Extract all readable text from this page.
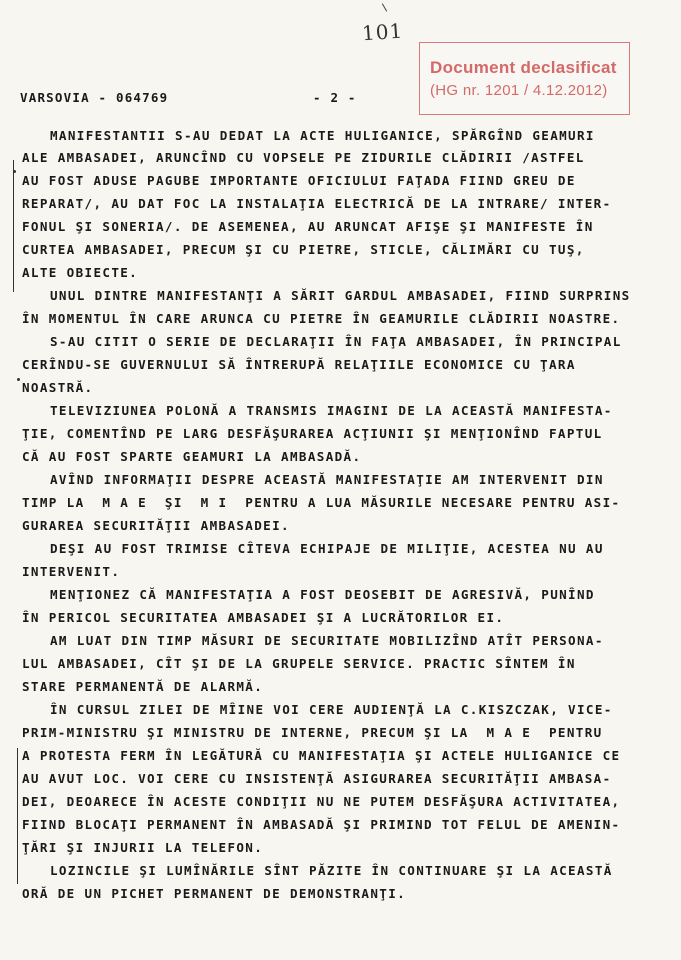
101
VARSOVIA - 064769	- 2 -
Document declasificat
(HG nr. 1201 / 4.12.2012)
MANIFESTANTII S-AU DEDAT LA ACTE HULIGANICE, SPĂRGÎND GEAMURI
ALE AMBASADEI, ARUNCÎND CU VOPSELE PE ZIDURILE CLĂDIRII /ASTFEL
AU FOST ADUSE PAGUBE IMPORTANTE OFICIULUI FAŢADA FIIND GREU DE
REPARAT/, AU DAT FOC LA INSTALAŢIA ELECTRICĂ DE LA INTRARE/ INTER-
FONUL ŞI SONERIA/. DE ASEMENEA, AU ARUNCAT AFIŞE ŞI MANIFESTE ÎN
CURTEA AMBASADEI, PRECUM ŞI CU PIETRE, STICLE, CĂLIMĂRI CU TUŞ,
ALTE OBIECTE.
UNUL DINTRE MANIFESTANŢI A SĂRIT GARDUL AMBASADEI, FIIND SURPRINS
ÎN MOMENTUL ÎN CARE ARUNCA CU PIETRE ÎN GEAMURILE CLĂDIRII NOASTRE.
S-AU CITIT O SERIE DE DECLARAŢII ÎN FAŢA AMBASADEI, ÎN PRINCIPAL
CERÎNDU-SE GUVERNULUI SĂ ÎNTRERUPĂ RELAŢIILE ECONOMICE CU ŢARA
NOASTRĂ.
TELEVIZIUNEA POLONĂ A TRANSMIS IMAGINI DE LA ACEASTĂ MANIFESTA-
ŢIE, COMENTÎND PE LARG DESFĂŞURAREA ACŢIUNII ŞI MENŢIONÎND FAPTUL
CĂ AU FOST SPARTE GEAMURI LA AMBASADĂ.
AVÎND INFORMAŢII DESPRE ACEASTĂ MANIFESTAŢIE AM INTERVENIT DIN
TIMP LA  M A E  ŞI  M I  PENTRU A LUA MĂSURILE NECESARE PENTRU ASI-
GURAREA SECURITĂŢII AMBASADEI.
DEŞI AU FOST TRIMISE CÎTEVA ECHIPAJE DE MILIŢIE, ACESTEA NU AU
INTERVENIT.
MENŢIONEZ CĂ MANIFESTAŢIA A FOST DEOSEBIT DE AGRESIVĂ, PUNÎND
ÎN PERICOL SECURITATEA AMBASADEI ŞI A LUCRĂTORILOR EI.
AM LUAT DIN TIMP MĂSURI DE SECURITATE MOBILIZÎND ATÎT PERSONA-
LUL AMBASADEI, CÎT ŞI DE LA GRUPELE SERVICE. PRACTIC SÎNTEM ÎN
STARE PERMANENTĂ DE ALARMĂ.
ÎN CURSUL ZILEI DE MÎINE VOI CERE AUDIENŢĂ LA C.KISZCZAK, VICE-
PRIM-MINISTRU ŞI MINISTRU DE INTERNE, PRECUM ŞI LA  M A E  PENTRU
A PROTESTA FERM ÎN LEGĂTURĂ CU MANIFESTAŢIA ŞI ACTELE HULIGANICE CE
AU AVUT LOC. VOI CERE CU INSISTENŢĂ ASIGURAREA SECURITĂŢII AMBASA-
DEI, DEOARECE ÎN ACESTE CONDIŢII NU NE PUTEM DESFĂŞURA ACTIVITATEA,
FIIND BLOCAŢI PERMANENT ÎN AMBASADĂ ŞI PRIMIND TOT FELUL DE AMENIN-
ŢĂRI ŞI INJURII LA TELEFON.
LOZINCILE ŞI LUMÎNĂRILE SÎNT PĂZITE ÎN CONTINUARE ŞI LA ACEASTĂ
ORĂ DE UN PICHET PERMANENT DE DEMONSTRANŢI.
